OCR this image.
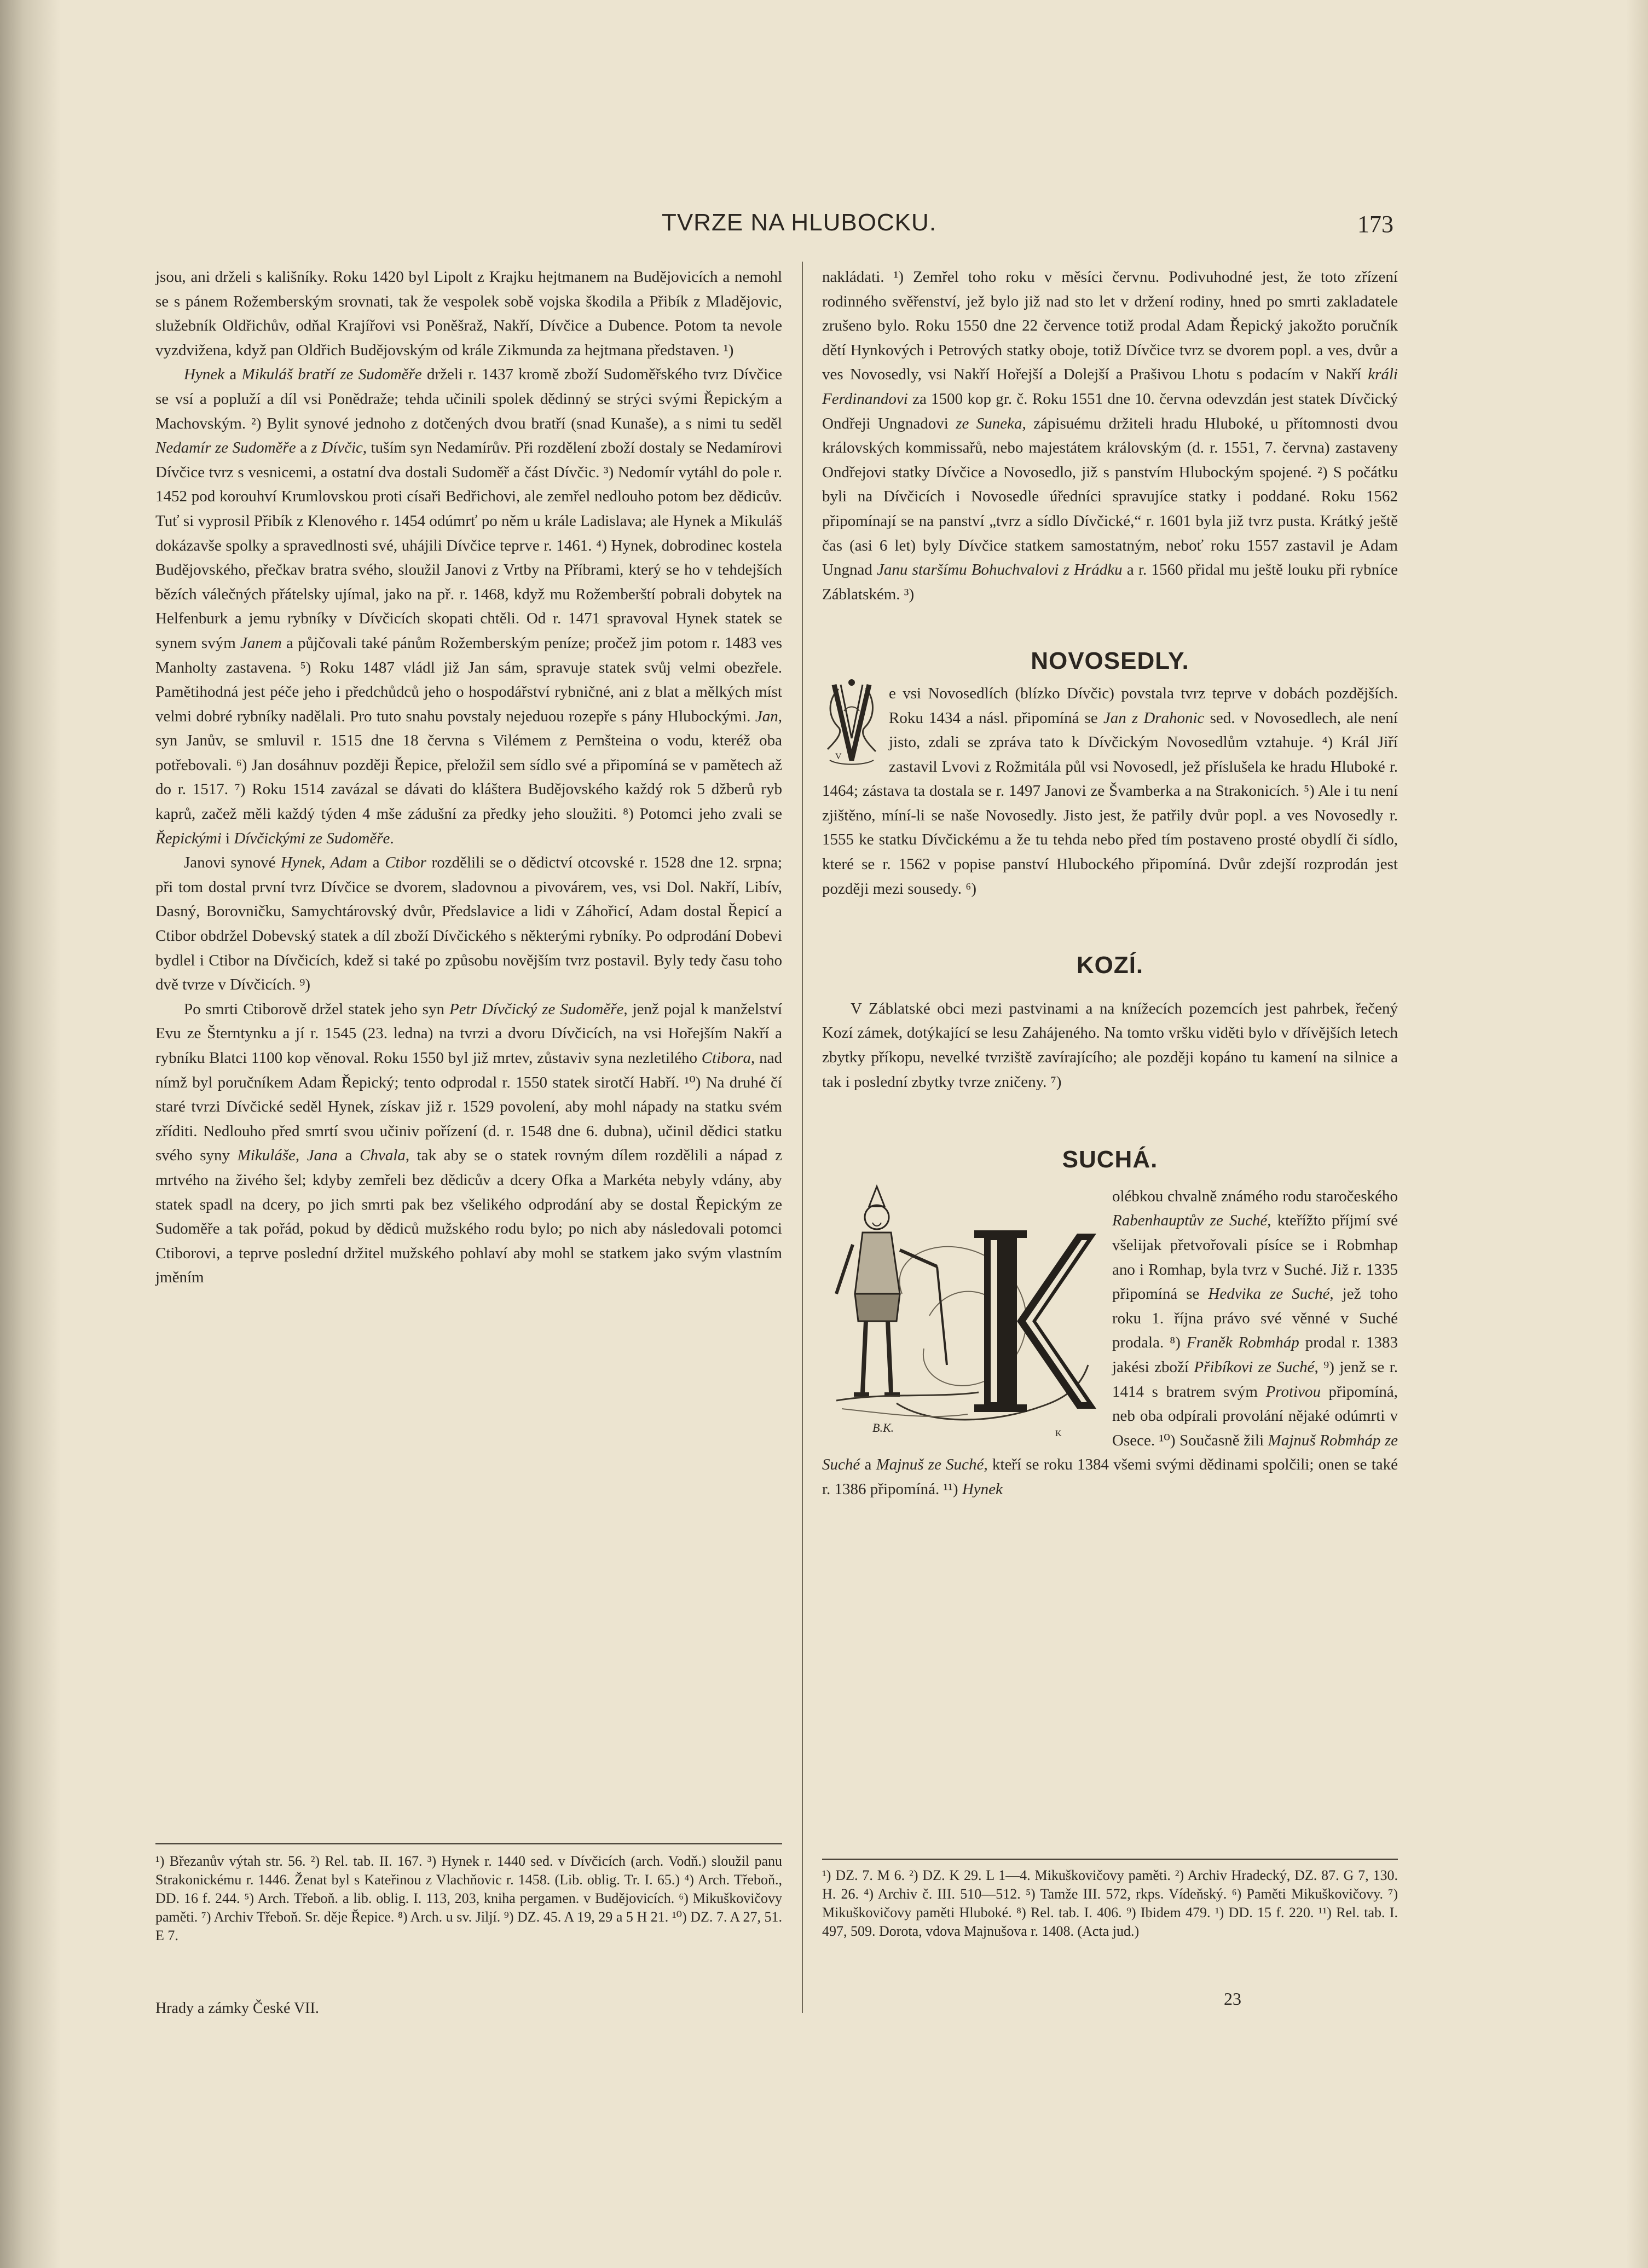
TVRZE NA HLUBOCKU.	173

jsou, ani drželi s kališníky. Roku 1420 byl Lipolt z Krajku hejtmanem na Budějovicích a nemohl se s pánem Rožemberským srovnati, tak že vespolek sobě vojska škodila a Přibík z Mladějovic, služebník Oldřichův, odňal Krajířovi vsi Poněšraž, Nakří, Dívčice a Dubence. Potom ta nevole vyzdvižena, když pan Oldřich Budějovským od krále Zikmunda za hejtmana představen. ¹)

Hynek a Mikuláš bratří ze Sudoměře drželi r. 1437 kromě zboží Sudoměřského tvrz Dívčice se vsí a popluží a díl vsi Ponědraže; tehda učinili spolek dědinný se strýci svými Řepickým a Machovským. ²) Bylit synové jednoho z dotčených dvou bratří (snad Kunaše), a s nimi tu seděl Nedamír ze Sudoměře a z Dívčic, tuším syn Nedamírův. Při rozdělení zboží dostaly se Nedamírovi Dívčice tvrz s vesnicemi, a ostatní dva dostali Sudoměř a část Dívčic. ³) Nedomír vytáhl do pole r. 1452 pod korouhví Krumlovskou proti císaři Bedřichovi, ale zemřel nedlouho potom bez dědicův. Tuť si vyprosil Přibík z Klenového r. 1454 odúmrť po něm u krále Ladislava; ale Hynek a Mikuláš dokázavše spolky a spravedlnosti své, uhájili Dívčice teprve r. 1461. ⁴) Hynek, dobrodinec kostela Budějovského, přečkav bratra svého, sloužil Janovi z Vrtby na Příbrami, který se ho v tehdejších bězích válečných přátelsky ujímal, jako na př. r. 1468, když mu Rožemberští pobrali dobytek na Helfenburk a jemu rybníky v Dívčicích skopati chtěli. Od r. 1471 spravoval Hynek statek se synem svým Janem a půjčovali také pánům Rožemberským peníze; pročež jim potom r. 1483 ves Manholty zastavena. ⁵) Roku 1487 vládl již Jan sám, spravuje statek svůj velmi obezřele. Pamětihodná jest péče jeho i předchůdců jeho o hospodářství rybničné, ani z blat a mělkých míst velmi dobré rybníky nadělali. Pro tuto snahu povstaly nejeduou rozepře s pány Hlubockými. Jan, syn Janův, se smluvil r. 1515 dne 18 června s Vilémem z Pernšteina o vodu, kteréž oba potřebovali. ⁶) Jan dosáhnuv později Řepice, přeložil sem sídlo své a připomíná se v pamětech až do r. 1517. ⁷) Roku 1514 zavázal se dávati do kláštera Budějovského každý rok 5 džberů ryb kaprů, začež měli každý týden 4 mše zádušní za předky jeho sloužiti. ⁸) Potomci jeho zvali se Řepickými i Dívčickými ze Sudoměře.

Janovi synové Hynek, Adam a Ctibor rozdělili se o dědictví otcovské r. 1528 dne 12. srpna; při tom dostal první tvrz Dívčice se dvorem, sladovnou a pivovárem, ves, vsi Dol. Nakří, Libív, Dasný, Borovničku, Samychtárovský dvůr, Předslavice a lidi v Záhořicí, Adam dostal Řepicí a Ctibor obdržel Dobevský statek a díl zboží Dívčického s některými rybníky. Po odprodání Dobevi bydlel i Ctibor na Dívčicích, kdež si také po způsobu novějším tvrz postavil. Byly tedy času toho dvě tvrze v Dívčicích. ⁹)

Po smrti Ctiborově držel statek jeho syn Petr Dívčický ze Sudoměře, jenž pojal k manželství Evu ze Šterntynku a jí r. 1545 (23. ledna) na tvrzi a dvoru Dívčicích, na vsi Hořejším Nakří a rybníku Blatci 1100 kop věnoval. Roku 1550 byl již mrtev, zůstaviv syna nezletilého Ctibora, nad nímž byl poručníkem Adam Řepický; tento odprodal r. 1550 statek sirotčí Habří. ¹⁰) Na druhé čí staré tvrzi Dívčické seděl Hynek, získav již r. 1529 povolení, aby mohl nápady na statku svém zříditi. Nedlouho před smrtí svou učiniv pořízení (d. r. 1548 dne 6. dubna), učinil dědici statku svého syny Mikuláše, Jana a Chvala, tak aby se o statek rovným dílem rozdělili a nápad z mrtvého na živého šel; kdyby zemřeli bez dědicův a dcery Ofka a Markéta nebyly vdány, aby statek spadl na dcery, po jich smrti pak bez všelikého odprodání aby se dostal Řepickým ze Sudoměře a tak pořád, pokud by dědiců mužského rodu bylo; po nich aby následovali potomci Ctiborovi, a teprve poslední držitel mužského pohlaví aby mohl se statkem jako svým vlastním jměním

nakládati. ¹) Zemřel toho roku v měsíci červnu. Podivuhodné jest, že toto zřízení rodinného svěřenství, jež bylo již nad sto let v držení rodiny, hned po smrti zakladatele zrušeno bylo. Roku 1550 dne 22 července totiž prodal Adam Řepický jakožto poručník dětí Hynkových i Petrových statky oboje, totiž Dívčice tvrz se dvorem popl. a ves, dvůr a ves Novosedly, vsi Nakří Hořejší a Dolejší a Prašivou Lhotu s podacím v Nakří králi Ferdinandovi za 1500 kop gr. č. Roku 1551 dne 10. června odevzdán jest statek Dívčický Ondřeji Ungnadovi ze Suneka, zápisuému držiteli hradu Hluboké, u přítomnosti dvou královských kommissařů, nebo majestátem královským (d. r. 1551, 7. června) zastaveny Ondřejovi statky Dívčice a Novosedlo, již s panstvím Hlubockým spojené. ²) S počátku byli na Dívčicích i Novosedle úředníci spravujíce statky i poddané. Roku 1562 připomínají se na panství „tvrz a sídlo Dívčické,“ r. 1601 byla již tvrz pusta. Krátký ještě čas (asi 6 let) byly Dívčice statkem samostatným, neboť roku 1557 zastavil je Adam Ungnad Janu staršímu Bohuchvalovi z Hrádku a r. 1560 přidal mu ještě louku při rybníce Záblatském. ³)

NOVOSEDLY.

V
e vsi Novosedlích (blízko Dívčic) povstala tvrz teprve v dobách pozdějších. Roku 1434 a násl. připomíná se Jan z Drahonic sed. v Novosedlech, ale není jisto, zdali se zpráva tato k Dívčickým Novosedlům vztahuje. ⁴) Král Jiří zastavil Lvovi z Rožmitála půl vsi Novosedl, jež příslušela ke hradu Hluboké r. 1464; zástava ta dostala se r. 1497 Janovi ze Švamberka a na Strakonicích. ⁵) Ale i tu není zjištěno, míní-li se naše Novosedly. Jisto jest, že patřily dvůr popl. a ves Novosedly r. 1555 ke statku Dívčickému a že tu tehda nebo před tím postaveno prosté obydlí či sídlo, které se r. 1562 v popise panství Hlubockého připomíná. Dvůr zdejší rozprodán jest později mezi sousedy. ⁶)

KOZÍ.

V Záblatské obci mezi pastvinami a na knížecích pozemcích jest pahrbek, řečený Kozí zámek, dotýkající se lesu Zahájeného. Na tomto vršku viděti bylo v dřívějších letech zbytky příkopu, nevelké tvrziště zavírajícího; ale později kopáno tu kamení na silnice a tak i poslední zbytky tvrze zničeny. ⁷)

SUCHÁ.

B.K.	K
olébkou chvalně známého rodu staročeského Rabenhauptův ze Suché, kteřížto příjmí své všelijak přetvořovali písíce se i Robmhap ano i Romhap, byla tvrz v Suché. Již r. 1335 připomíná se Hedvika ze Suché, jež toho roku 1. října právo své věnné v Suché prodala. ⁸) Franěk Robmháp prodal r. 1383 jakési zboží Přibíkovi ze Suché, ⁹) jenž se r. 1414 s bratrem svým Protivou připomíná, neb oba odpírali provolání nějaké odúmrti v Osece. ¹⁰) Současně žili Majnuš Robmháp ze Suché a Majnuš ze Suché, kteří se roku 1384 všemi svými dědinami spolčili; onen se také r. 1386 připomíná. ¹¹) Hynek

¹) Březanův výtah str. 56. ²) Rel. tab. II. 167. ³) Hynek r. 1440 sed. v Dívčicích (arch. Vodň.) sloužil panu Strakonickému r. 1446. Ženat byl s Kateřinou z Vlachňovic r. 1458. (Lib. oblig. Tr. I. 65.) ⁴) Arch. Třeboň., DD. 16 f. 244. ⁵) Arch. Třeboň. a lib. oblig. I. 113, 203, kniha pergamen. v Budějovicích. ⁶) Mikuškovičovy paměti. ⁷) Archiv Třeboň. Sr. děje Řepice. ⁸) Arch. u sv. Jiljí. ⁹) DZ. 45. A 19, 29 a 5 H 21. ¹⁰) DZ. 7. A 27, 51. E 7.
¹) DZ. 7. M 6. ²) DZ. K 29. L 1—4. Mikuškovičovy paměti. ²) Archiv Hradecký, DZ. 87. G 7, 130. H. 26. ⁴) Archiv č. III. 510—512. ⁵) Tamže III. 572, rkps. Vídeňský. ⁶) Paměti Mikuškovičovy. ⁷) Mikuškovičovy paměti Hluboké. ⁸) Rel. tab. I. 406. ⁹) Ibidem 479. ¹) DD. 15 f. 220. ¹¹) Rel. tab. I. 497, 509. Dorota, vdova Majnušova r. 1408. (Acta jud.)
23
Hrady a zámky České VII.
